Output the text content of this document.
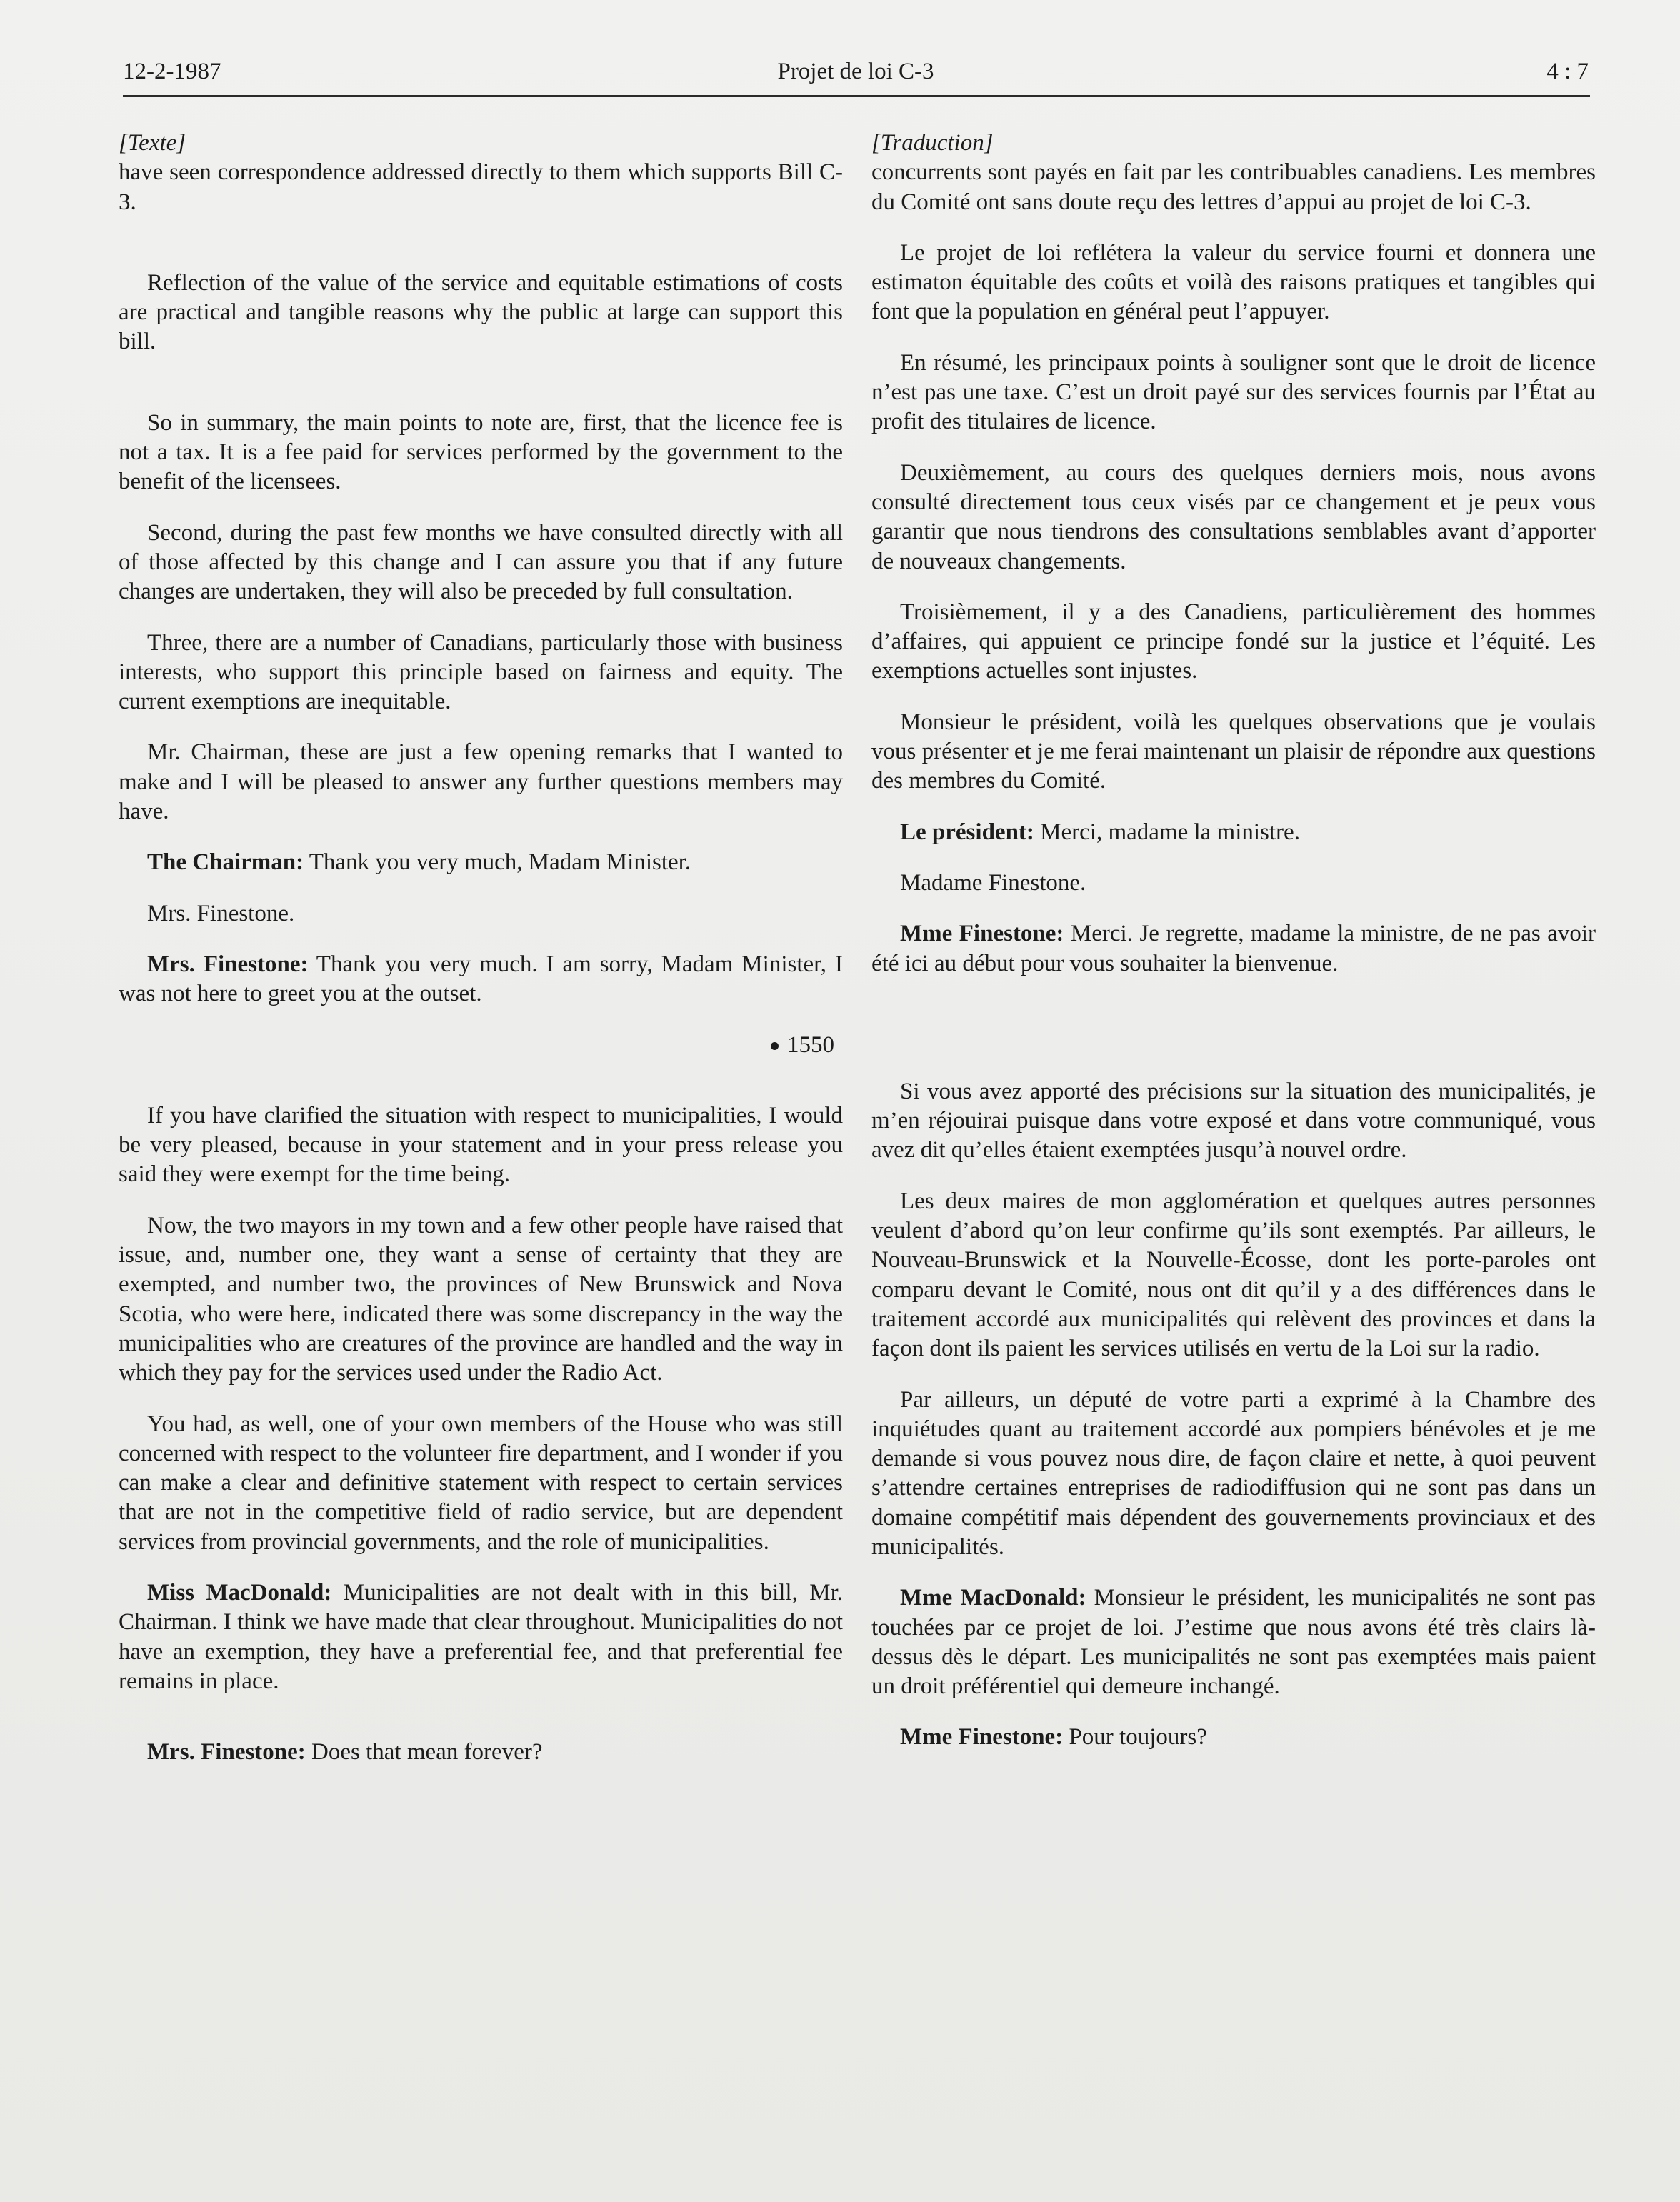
12-2-1987	Projet de loi C-3	4 : 7

[Texte]

have seen correspondence addressed directly to them which supports Bill C-3.

Reflection of the value of the service and equitable estimations of costs are practical and tangible reasons why the public at large can support this bill.

So in summary, the main points to note are, first, that the licence fee is not a tax. It is a fee paid for services performed by the government to the benefit of the licensees.

Second, during the past few months we have consulted directly with all of those affected by this change and I can assure you that if any future changes are undertaken, they will also be preceded by full consultation.

Three, there are a number of Canadians, particularly those with business interests, who support this principle based on fairness and equity. The current exemptions are inequitable.

Mr. Chairman, these are just a few opening remarks that I wanted to make and I will be pleased to answer any further questions members may have.

The Chairman: Thank you very much, Madam Minister.

Mrs. Finestone.

Mrs. Finestone: Thank you very much. I am sorry, Madam Minister, I was not here to greet you at the outset.

1550

If you have clarified the situation with respect to municipalities, I would be very pleased, because in your statement and in your press release you said they were exempt for the time being.

Now, the two mayors in my town and a few other people have raised that issue, and, number one, they want a sense of certainty that they are exempted, and number two, the provinces of New Brunswick and Nova Scotia, who were here, indicated there was some discrepancy in the way the municipalities who are creatures of the province are handled and the way in which they pay for the services used under the Radio Act.

You had, as well, one of your own members of the House who was still concerned with respect to the volunteer fire department, and I wonder if you can make a clear and definitive statement with respect to certain services that are not in the competitive field of radio service, but are dependent services from provincial governments, and the role of municipalities.

Miss MacDonald: Municipalities are not dealt with in this bill, Mr. Chairman. I think we have made that clear throughout. Municipalities do not have an exemption, they have a preferential fee, and that preferential fee remains in place.

Mrs. Finestone: Does that mean forever?

[Traduction]

concurrents sont payés en fait par les contribuables canadiens. Les membres du Comité ont sans doute reçu des lettres d’appui au projet de loi C-3.

Le projet de loi reflétera la valeur du service fourni et donnera une estimaton équitable des coûts et voilà des raisons pratiques et tangibles qui font que la population en général peut l’appuyer.

En résumé, les principaux points à souligner sont que le droit de licence n’est pas une taxe. C’est un droit payé sur des services fournis par l’État au profit des titulaires de licence.

Deuxièmement, au cours des quelques derniers mois, nous avons consulté directement tous ceux visés par ce changement et je peux vous garantir que nous tiendrons des consultations semblables avant d’apporter de nouveaux changements.

Troisièmement, il y a des Canadiens, particulièrement des hommes d’affaires, qui appuient ce principe fondé sur la justice et l’équité. Les exemptions actuelles sont injustes.

Monsieur le président, voilà les quelques observations que je voulais vous présenter et je me ferai maintenant un plaisir de répondre aux questions des membres du Comité.

Le président: Merci, madame la ministre.

Madame Finestone.

Mme Finestone: Merci. Je regrette, madame la ministre, de ne pas avoir été ici au début pour vous souhaiter la bienvenue.

Si vous avez apporté des précisions sur la situation des municipalités, je m’en réjouirai puisque dans votre exposé et dans votre communiqué, vous avez dit qu’elles étaient exemptées jusqu’à nouvel ordre.

Les deux maires de mon agglomération et quelques autres personnes veulent d’abord qu’on leur confirme qu’ils sont exemptés. Par ailleurs, le Nouveau-Brunswick et la Nouvelle-Écosse, dont les porte-paroles ont comparu devant le Comité, nous ont dit qu’il y a des différences dans le traitement accordé aux municipalités qui relèvent des provinces et dans la façon dont ils paient les services utilisés en vertu de la Loi sur la radio.

Par ailleurs, un député de votre parti a exprimé à la Chambre des inquiétudes quant au traitement accordé aux pompiers bénévoles et je me demande si vous pouvez nous dire, de façon claire et nette, à quoi peuvent s’attendre certaines entreprises de radiodiffusion qui ne sont pas dans un domaine compétitif mais dépendent des gouvernements provinciaux et des municipalités.

Mme MacDonald: Monsieur le président, les municipalités ne sont pas touchées par ce projet de loi. J’estime que nous avons été très clairs là-dessus dès le départ. Les municipalités ne sont pas exemptées mais paient un droit préférentiel qui demeure inchangé.

Mme Finestone: Pour toujours?
